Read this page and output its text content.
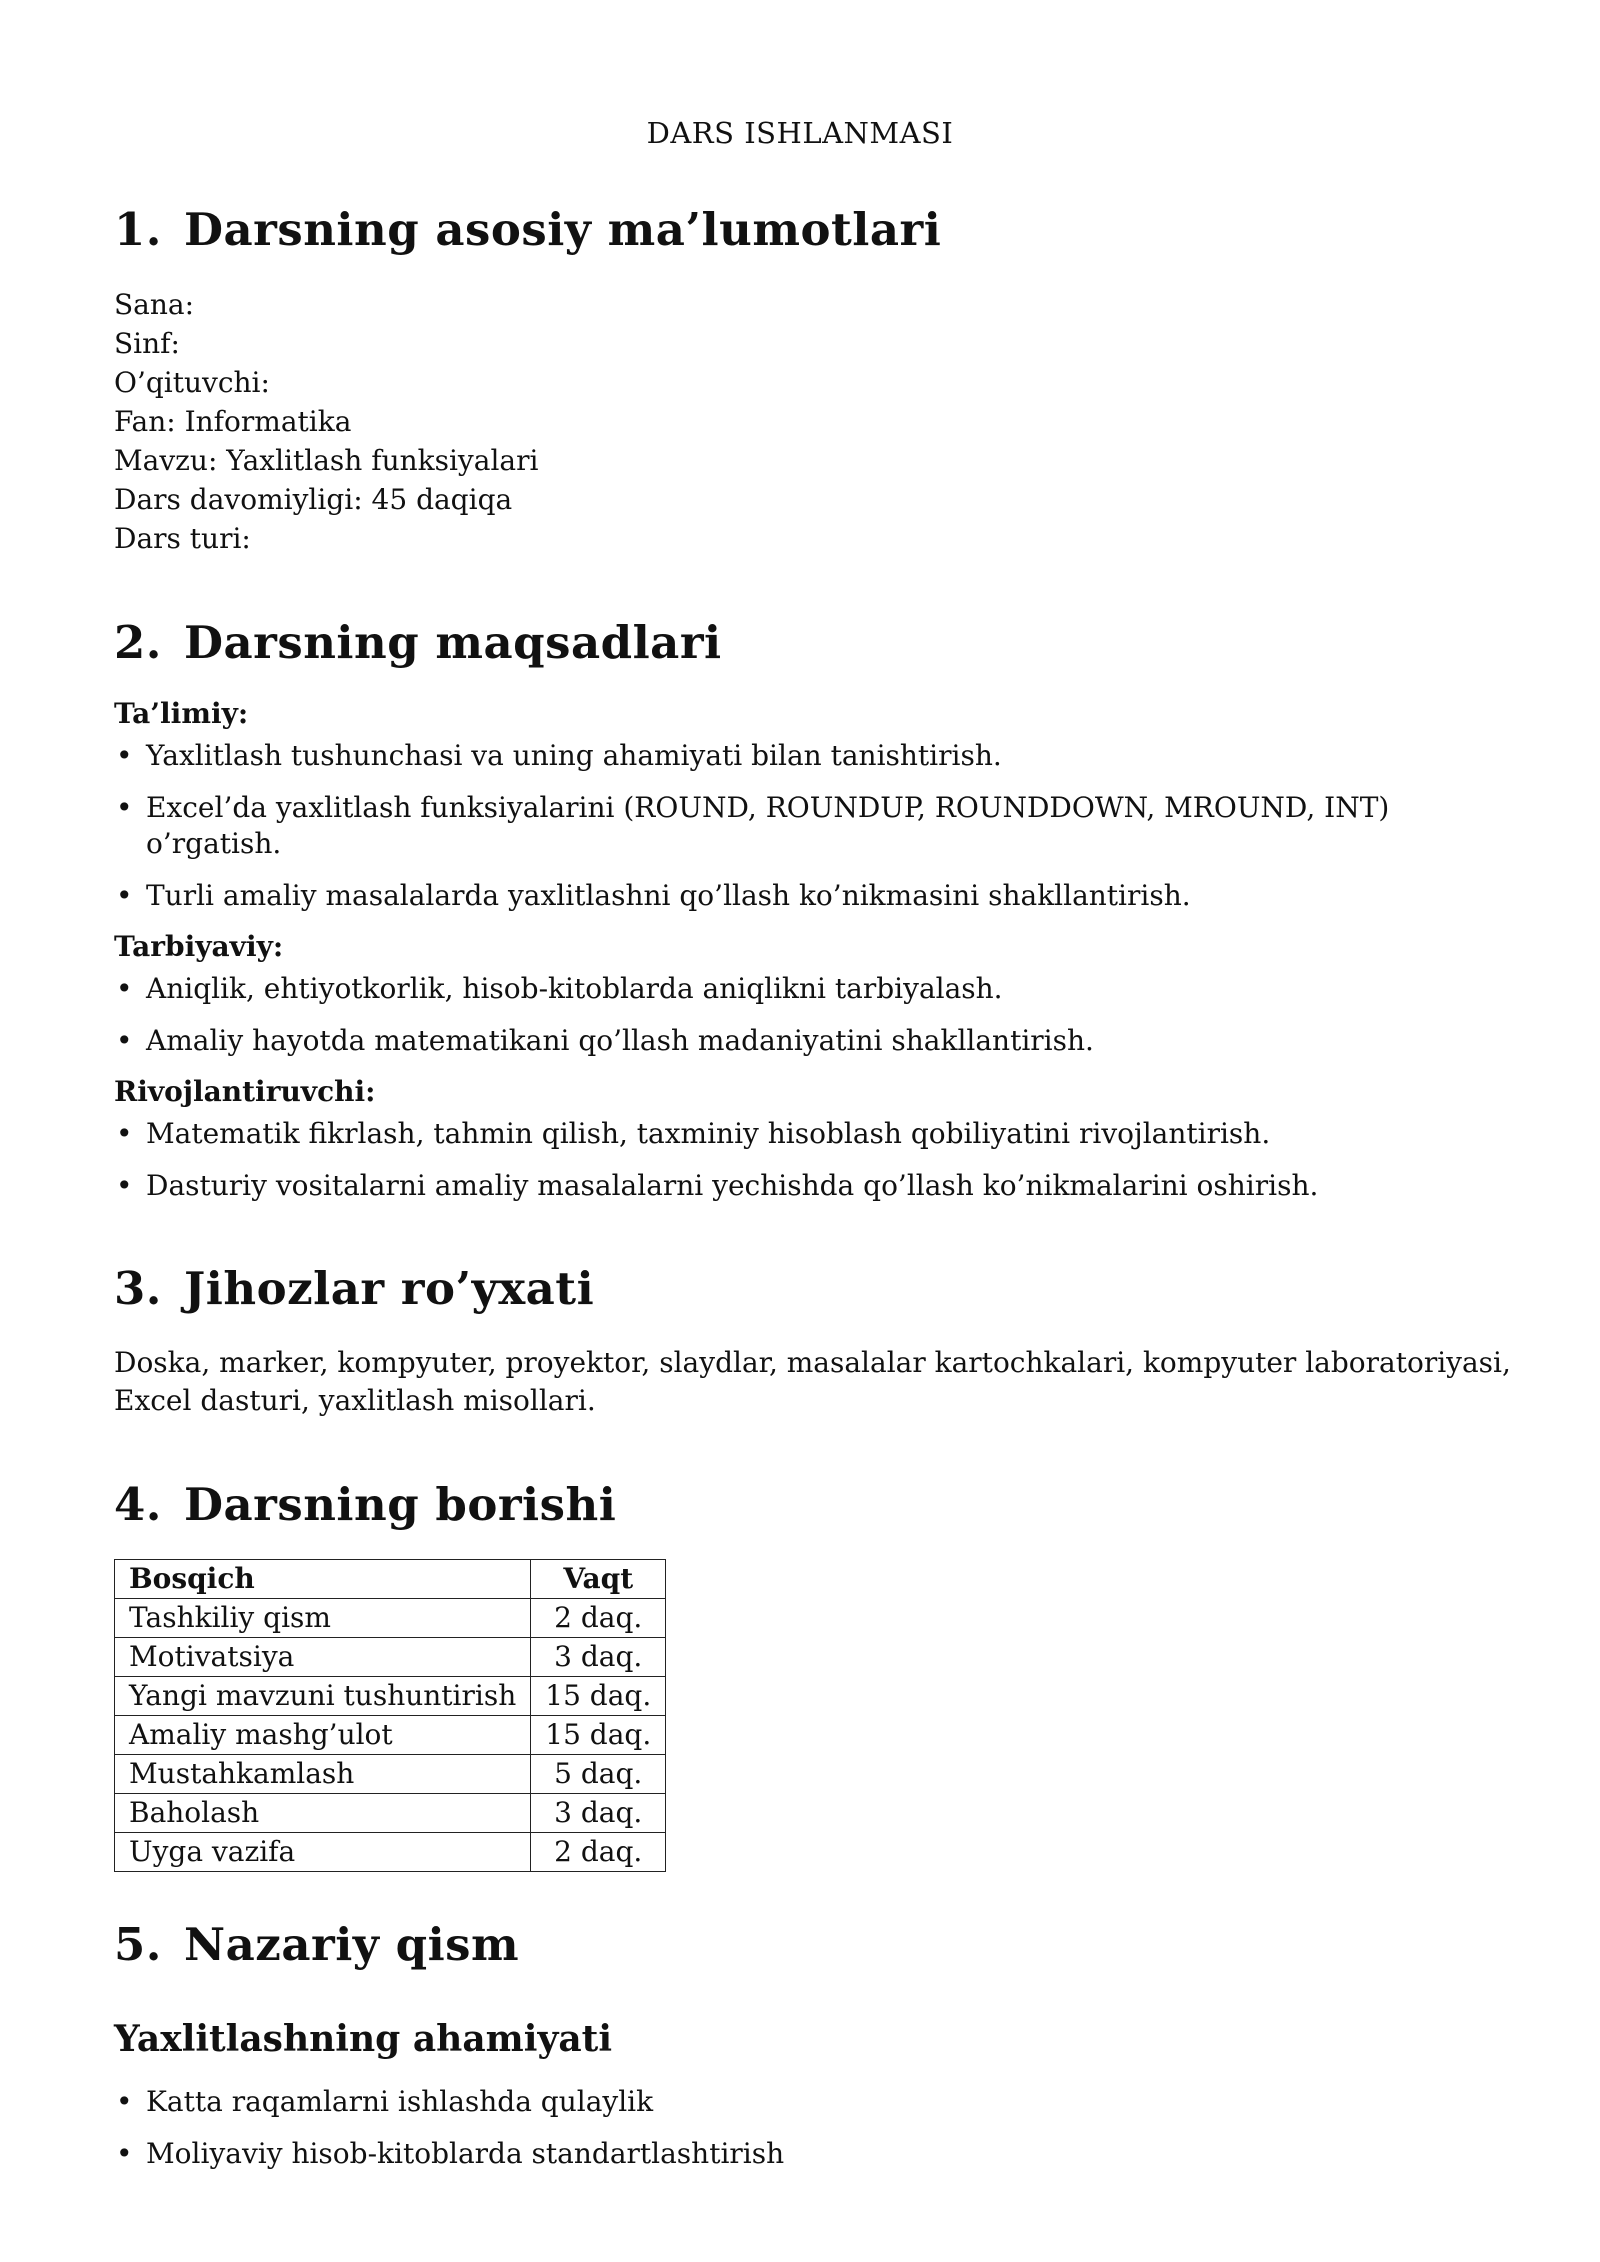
DARS ISHLANMASI
1. Darsning asosiy ma’lumotlari
Sana:
Sinf:
O’qituvchi:
Fan: Informatika
Mavzu: Yaxlitlash funksiyalari
Dars davomiyligi: 45 daqiqa
Dars turi:
2. Darsning maqsadlari
Ta’limiy:
• Yaxlitlash tushunchasi va uning ahamiyati bilan tanishtirish.
• Excel’da yaxlitlash funksiyalarini (ROUND, ROUNDUP, ROUNDDOWN, MROUND, INT) o’rgatish.
• Turli amaliy masalalarda yaxlitlashni qo’llash ko’nikmasini shakllantirish.
Tarbiyaviy:
• Aniqlik, ehtiyotkorlik, hisob-kitoblarda aniqlikni tarbiyalash.
• Amaliy hayotda matematikani qo’llash madaniyatini shakllantirish.
Rivojlantiruvchi:
• Matematik fikrlash, tahmin qilish, taxminiy hisoblash qobiliyatini rivojlantirish.
• Dasturiy vositalarni amaliy masalalarni yechishda qo’llash ko’nikmalarini oshirish.
3. Jihozlar ro’yxati
Doska, marker, kompyuter, proyektor, slaydlar, masalalar kartochkalari, kompyuter laboratoriyasi, Excel dasturi, yaxlitlash misollari.
4. Darsning borishi
Bosqich	Vaqt
Tashkiliy qism	2 daq.
Motivatsiya	3 daq.
Yangi mavzuni tushuntirish	15 daq.
Amaliy mashg’ulot	15 daq.
Mustahkamlash	5 daq.
Baholash	3 daq.
Uyga vazifa	2 daq.
5. Nazariy qism
Yaxlitlashning ahamiyati
• Katta raqamlarni ishlashda qulaylik
• Moliyaviy hisob-kitoblarda standartlashtirish
